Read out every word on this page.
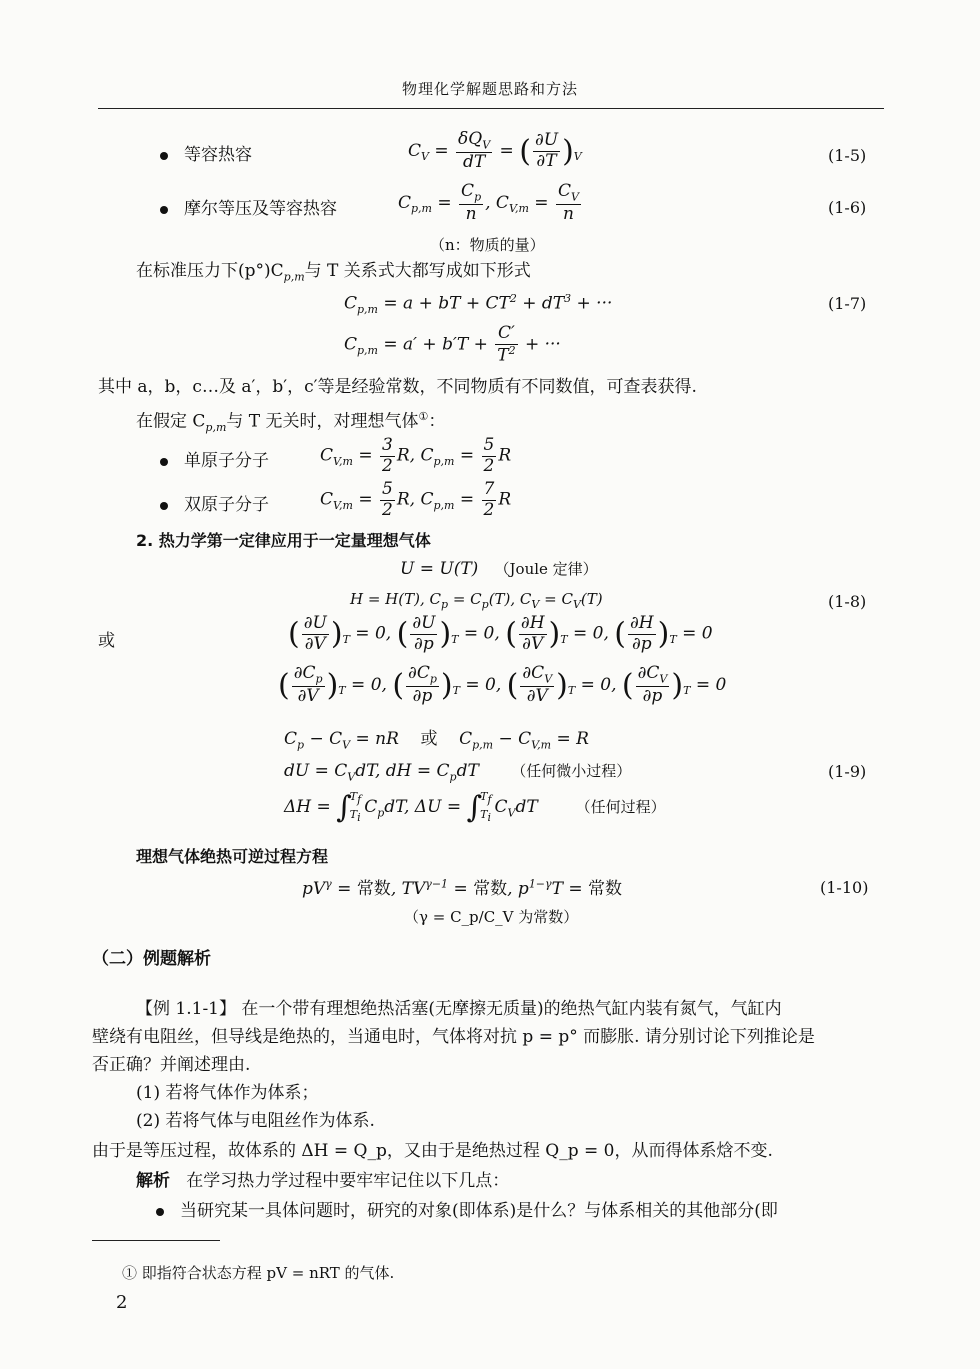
物理化学解题思路和方法
等容热容	$C_V = \frac{\delta Q_V}{dT}$ = ( $\frac{\partial U}{\partial T} )_V$	(1-5)
摩尔等压及等容热容	$C_{p,m} = \frac{C_p}{n}$ , $C_{V,m} = \frac{C_V}{n}$	(1-6)
（n：物质的量）
在标准压力下$(p^\circ)C_{p,m}$与 T 关系式大都写成如下形式
$C_{p,m} = a$ + bT + $CT^2 + dT^3$ + ···	(1-7)
$C_{p,m} = a' + b'T + \frac{C'}{T^2}$ + ···
其中 a，b，c…及 a′，b′，c′等是经验常数，不同物质有不同数值，可查表获得.
在假定 $C_{p,m}$与 T 无关时，对理想气体①：
单原子分子	$C_{V,m} = \frac{3}{2} R$, $C_{p,m} = \frac{5}{2}$ R
双原子分子	$C_{V,m} = \frac{5}{2} R$, $C_{p,m} = \frac{7}{2}$ R
2. 热力学第一定律应用于一定量理想气体
U = U(T) （Joule 定律）
H = H(T), $C_p = C_p(T)$, $C_V = C_V(T)$	(1-8)
或	( $\frac{\partial U}{\partial V} )_T = 0$, ( $\frac{\partial U}{\partial p} )_T = 0$, ( $\frac{\partial H}{\partial V} )_T = 0$, ( $\frac{\partial H}{\partial p} )_T = 0$
( $\frac{\partial C_p}{\partial V} )_T = 0$, ( $\frac{\partial C_p}{\partial p} )_T = 0$, ( $\frac{\partial C_V}{\partial V} )_T = 0$, ( $\frac{\partial C_V}{\partial p} )_T = 0$
$C_p - C_V$ = nR    或    $C_{p,m} - C_{V,m} = R$
dU = $C_VdT$, dH = $C_pdT$ （任何微小过程）	(1-9)
ΔH = ∫
$T_f$
$T_i$
$C_pdT$, ΔU = ∫
$T_f$
$T_i$
$C_VdT$	（任何过程）
理想气体绝热可逆过程方程
$pV^\gamma$ = 常数, $TV^{\gamma-1}$ = 常数, $p^{1-\gamma}T$ = 常数	(1-10)
（γ = C_p/C_V 为常数）
（二）例题解析
【例 1.1-1】 在一个带有理想绝热活塞(无摩擦无质量)的绝热气缸内装有氮气，气缸内
壁绕有电阻丝，但导线是绝热的，当通电时，气体将对抗 p = p° 而膨胀. 请分别讨论下列推论是
否正确？并阐述理由.
(1) 若将气体作为体系；
(2) 若将气体与电阻丝作为体系.
由于是等压过程，故体系的 ΔH = Q_p，又由于是绝热过程 Q_p = 0，从而得体系焓不变.
解析 在学习热力学过程中要牢牢记住以下几点：
当研究某一具体问题时，研究的对象(即体系)是什么？与体系相关的其他部分(即
① 即指符合状态方程 pV = nRT 的气体.
2
